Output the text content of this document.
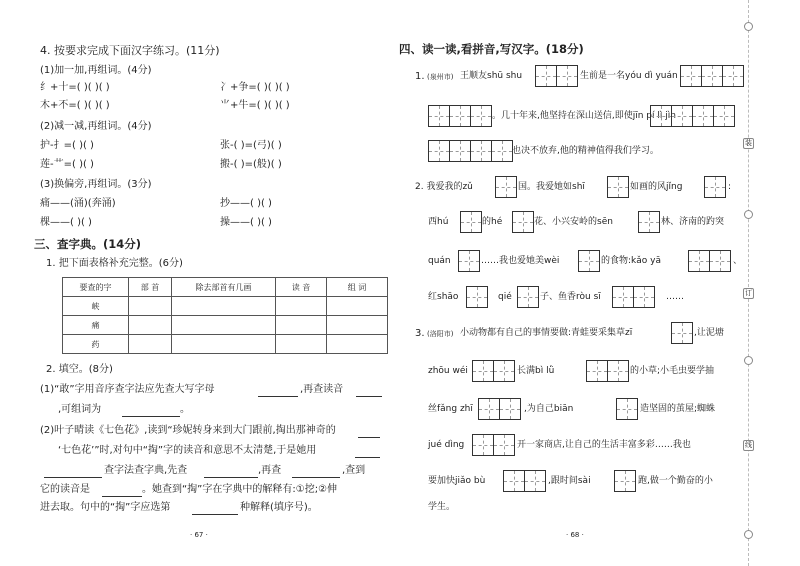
4. 按要求完成下面汉字练习。(11分)
(1)加一加,再组词。(4分)
纟+十=( )( )( )	冫+争=( )( )( )
木+不=( )( )( )	⺌+牛=( )( )( )
(2)减一减,再组词。(4分)
护-扌=( )( )	张-( )=(弓)( )
莲-艹=( )( )	搬-( )=(般)( )
(3)换偏旁,再组词。(3分)
痛——(涌)(奔涌)	抄——( )( )
棵——( )( )	操——( )( )
三、查字典。(14分)
1. 把下面表格补充完整。(6分)
要查的字	部 首	除去部首有几画	读 音	组 词
峡				
痛				
药				
2. 填空。(8分)
(1)“敢”字用音序查字法应先查大写字母	,再查读音
,可组词为	。
(2)叶子晴读《七色花》,读到“珍妮转身来到大门跟前,掏出那神奇的
‘七色花’”时,对句中“掏”字的读音和意思不太清楚,于是她用
查字法查字典,先查	,再查	,查到
它的读音是	。她查到“掏”字在字典中的解释有:①挖;②伸
进去取。句中的“掏”字应选第	种解释(填序号)。
· 67 ·
四、读一读,看拼音,写汉字。(18分)
1. (泉州市) 王顺友shū shu	生前是一名yóu dì yuán
。几十年来,他坚持在深山送信,即使jīn pí lì jìn
也决不放弃,他的精神值得我们学习。
2. 我爱我的zǔ	国。我爱她如shī	如画的风jǐng	:
西hú	的hé	花、小兴安岭的sēn	林、济南的趵突
quán	……我也爱她美wèi	的食物:kǎo yā	、
红shāo	qié	子、鱼香ròu sī	……
3. (洛阳市) 小动物都有自己的事情要做:青蛙要采集草zī	,让泥塘
zhōu wéi	长满bì lǜ	的小草;小毛虫要学抽
丝fǎng zhī	,为自己biān	造坚固的茧屋;蜘蛛
jué dìng	开一家商店,让自己的生活丰富多彩……我也
要加快jiǎo bù	,跟时间sài	跑,做一个勤奋的小
学生。
· 68 ·
装
订
线
